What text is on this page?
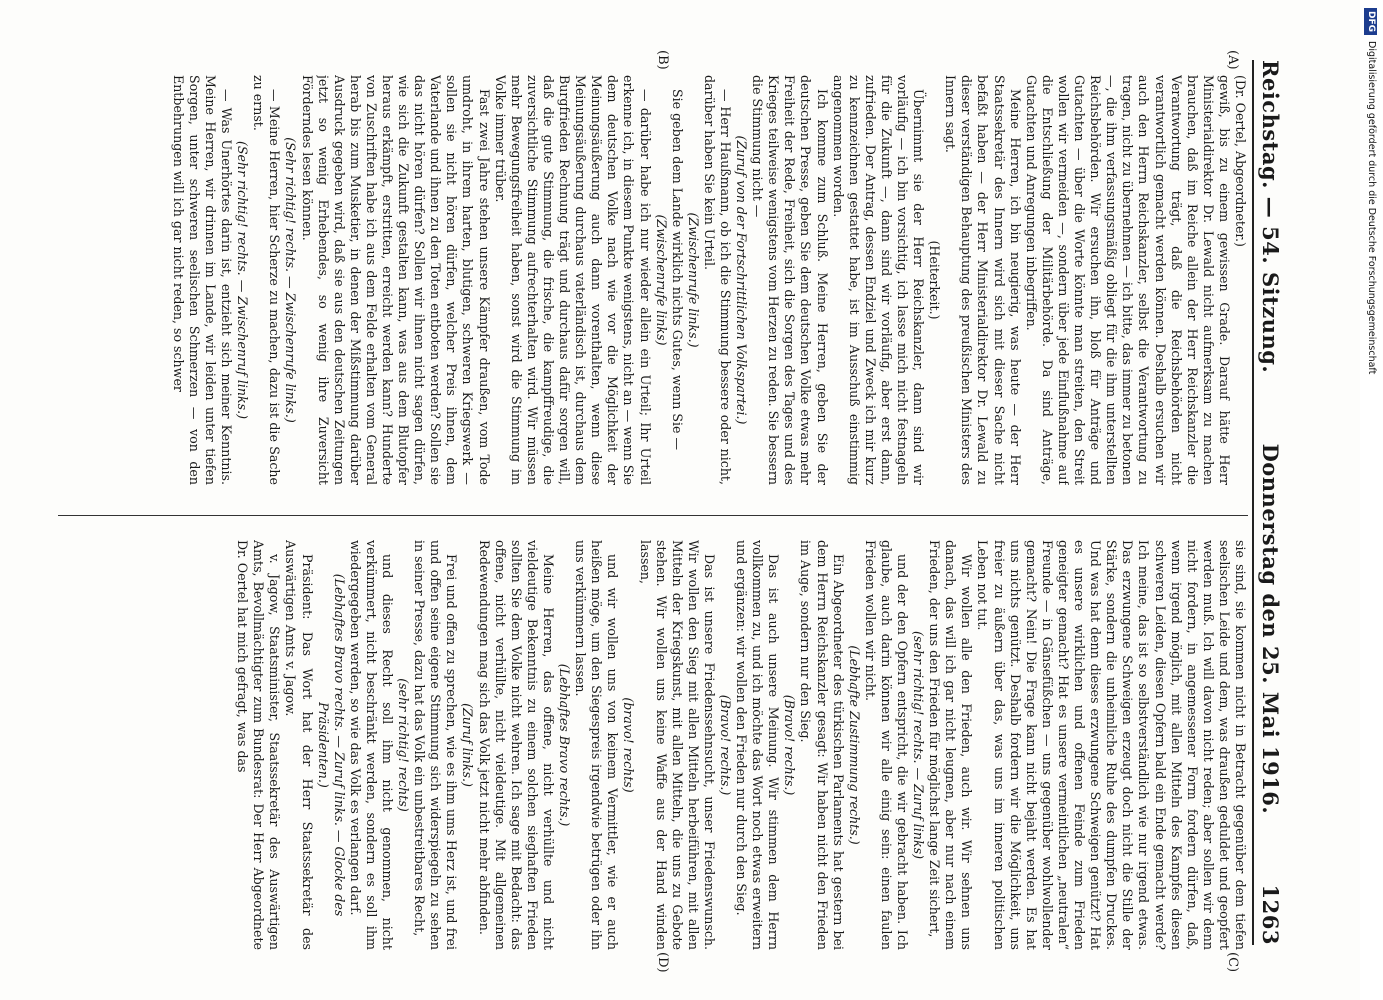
Reichstag. — 54. Sitzung.
Donnerstag den 25. Mai 1916.
1263
(A)
(B)
(C)
(D)

(Dr. Oertel, Abgeordneter.)

gewiß, bis zu einem gewissen Grade. Darauf hätte Herr Ministerialdirektor Dr. Lewald nicht aufmerksam zu machen brauchen, daß im Reiche allein der Herr Reichskanzler die Verantwortung trägt, daß die Reichsbehörden nicht verantwortlich gemacht werden können. Deshalb ersuchen wir auch den Herrn Reichskanzler, selbst die Verantwortung zu tragen, nicht zu übernehmen — ich bitte, das immer zu betonen —, die ihm verfassungsmäßig obliegt für die ihm unterstellten Reichsbehörden. Wir ersuchen ihn, bloß für Anträge und Gutachten — über die Worte könnte man streiten, den Streit wollen wir vermeiden —, sondern über jede Einflußnahme auf die Entschließung der Militärbehörde. Da sind Anträge, Gutachten und Anregungen inbegriffen.

Meine Herren, ich bin neugierig, was heute — der Herr Staatssekretär des Innern wird sich mit dieser Sache nicht befaßt haben — der Herr Ministerialdirektor Dr. Lewald zu dieser verständigen Behauptung des preußischen Ministers des Innern sagt.

(Heiterkeit.)

Übernimmt sie der Herr Reichskanzler, dann sind wir vorläufig — ich bin vorsichtig, ich lasse mich nicht festnageln für die Zukunft —, dann sind wir vorläufig, aber erst dann, zufrieden. Der Antrag, dessen Endziel und Zweck ich mir kurz zu kennzeichnen gestattet habe, ist im Ausschuß einstimmig angenommen worden.

Ich komme zum Schluß. Meine Herren, geben Sie der deutschen Presse, geben Sie dem deutschen Volke etwas mehr Freiheit der Rede, Freiheit, sich die Sorgen des Tages und des Krieges teilweise wenigstens vom Herzen zu reden. Sie bessern die Stimmung nicht —

(Zuruf von der Fortschrittlichen Volkspartei.)

— Herr Haußmann, ob ich die Stimmung bessere oder nicht, darüber haben Sie kein Urteil.

(Zwischenrufe links.)

Sie geben dem Lande wirklich nichts Gutes, wenn Sie —

(Zwischenrufe links)

— darüber habe ich nur wieder allein ein Urteil; Ihr Urteil erkenne ich, in diesem Punkte wenigstens, nicht an — wenn Sie dem deutschen Volke nach wie vor die Möglichkeit der Meinungsäußerung auch dann vorenthalten, wenn diese Meinungsäußerung durchaus vaterländisch ist, durchaus dem Burgfrieden Rechnung trägt und durchaus dafür sorgen will, daß die gute Stimmung, die frische, die kampffreudige, die zuversichtliche Stimmung aufrechterhalten wird. Wir müssen mehr Bewegungsfreiheit haben, sonst wird die Stimmung im Volke immer trüber.

Fast zwei Jahre stehen unsere Kämpfer draußen, vom Tode umdroht, in ihrem harten, blutigen, schweren Kriegswerk — sollen sie nicht hören dürfen, welcher Preis ihnen, dem Vaterlande und ihnen zu den Toten entboten werden? Sollen sie das nicht hören dürfen? Sollen wir ihnen nicht sagen dürfen, wie sich die Zukunft gestalten kann, was aus dem Blutopfer heraus erkämpft, erstritten, erreicht werden kann? Hunderte von Zuschriften habe ich aus dem Felde erhalten vom General herab bis zum Musketier, in denen der Mißstimmung darüber Ausdruck gegeben wird, daß sie aus den deutschen Zeitungen jetzt so wenig Erhebendes, so wenig ihre Zuversicht Förderndes lesen können.

(Sehr richtig! rechts. — Zwischenrufe links.)

— Meine Herren, hier Scherze zu machen, dazu ist die Sache zu ernst.

(Sehr richtig! rechts. — Zwischenruf links.)

— Was Unerhörtes darin ist, entzieht sich meiner Kenntnis. Meine Herren, wir drinnen im Lande, wir leiden unter tiefen Sorgen, unter schweren seelischen Schmerzen — von den Entbehrungen will ich gar nicht reden, so schwer

sie sind, sie kommen nicht in Betracht gegenüber dem tiefen seelischen Leide und dem, was draußen geduldet und geopfert werden muß. Ich will davon nicht reden; aber sollen wir denn nicht fordern, in angemessener Form fordern dürfen, daß, wenn irgend möglich, mit allen Mitteln des Kampfes diesen schweren Leiden, diesen Opfern bald ein Ende gemacht werde? Ich meine, das ist so selbstverständlich wie nur irgend etwas. Das erzwungene Schweigen erzeugt doch nicht die Stille der Stärke, sondern die unheimliche Ruhe des dumpfen Druckes. Und was hat denn dieses erzwungene Schweigen genützt? Hat es unsere wirklichen und offenen Feinde zum Frieden geneigter gemacht? Hat es unsere vermeintlichen „neutralen“ Freunde — in Gänsefüßchen — uns gegenüber wohlwollender gemacht? Nein! Die Frage kann nicht bejaht werden. Es hat uns nichts genützt. Deshalb fordern wir die Möglichkeit, uns freier zu äußern über das, was uns im inneren politischen Leben not tut.

Wir wollen alle den Frieden, auch wir. Wir sehnen uns danach, das will ich gar nicht leugnen, aber nur nach einem Frieden, der uns den Frieden für möglichst lange Zeit sichert,

(sehr richtig! rechts. — Zuruf links)

und der den Opfern entspricht, die wir gebracht haben. Ich glaube, auch darin können wir alle einig sein: einen faulen Frieden wollen wir nicht.

(Lebhafte Zustimmung rechts.)

Ein Abgeordneter des türkischen Parlaments hat gestern bei dem Herrn Reichskanzler gesagt: Wir haben nicht den Frieden im Auge, sondern nur den Sieg.

(Bravo! rechts.)

Das ist auch unsere Meinung. Wir stimmen dem Herrn vollkommen zu, und ich möchte das Wort noch etwas erweitern und ergänzen: wir wollen den Frieden nur durch den Sieg.

(Bravo! rechts.)

Das ist unsere Friedenssehnsucht, unser Friedenswunsch. Wir wollen den Sieg mit allen Mitteln herbeiführen, mit allen Mitteln der Kriegskunst, mit allen Mitteln, die uns zu Gebote stehen. Wir wollen uns keine Waffe aus der Hand winden lassen,

(bravo! rechts)

und wir wollen uns von keinem Vermittler, wie er auch heißen möge, um den Siegespreis irgendwie betrügen oder ihn uns verkümmern lassen.

(Lebhaftes Bravo rechts.)

Meine Herren, das offene, nicht verhüllte und nicht vieldeutige Bekenntnis zu einem solchen sieghaften Frieden sollten Sie dem Volke nicht wehren. Ich sage mit Bedacht: das offene, nicht verhüllte, nicht vieldeutige. Mit allgemeinen Redewendungen mag sich das Volk jetzt nicht mehr abfinden.

(Zuruf links.)

Frei und offen zu sprechen, wie es ihm ums Herz ist, und frei und offen seine eigene Stimmung sich widerspiegeln zu sehen in seiner Presse, dazu hat das Volk ein unbestreitbares Recht,

(sehr richtig! rechts)

und dieses Recht soll ihm nicht genommen, nicht verkümmert, nicht beschränkt werden, sondern es soll ihm wiedergegeben werden, so wie das Volk es verlangen darf.

(Lebhaftes Bravo rechts. — Zuruf links. — Glocke des Präsidenten.)

Präsident: Das Wort hat der Herr Staatssekretär des Auswärtigen Amts v. Jagow.

v. Jagow, Staatsminister, Staatssekretär des Auswärtigen Amts, Bevollmächtigter zum Bundesrat: Der Herr Abgeordnete Dr. Oertel hat mich gefragt, was das

DFG
Digitalisierung gefördert durch die Deutsche Forschungsgemeinschaft
